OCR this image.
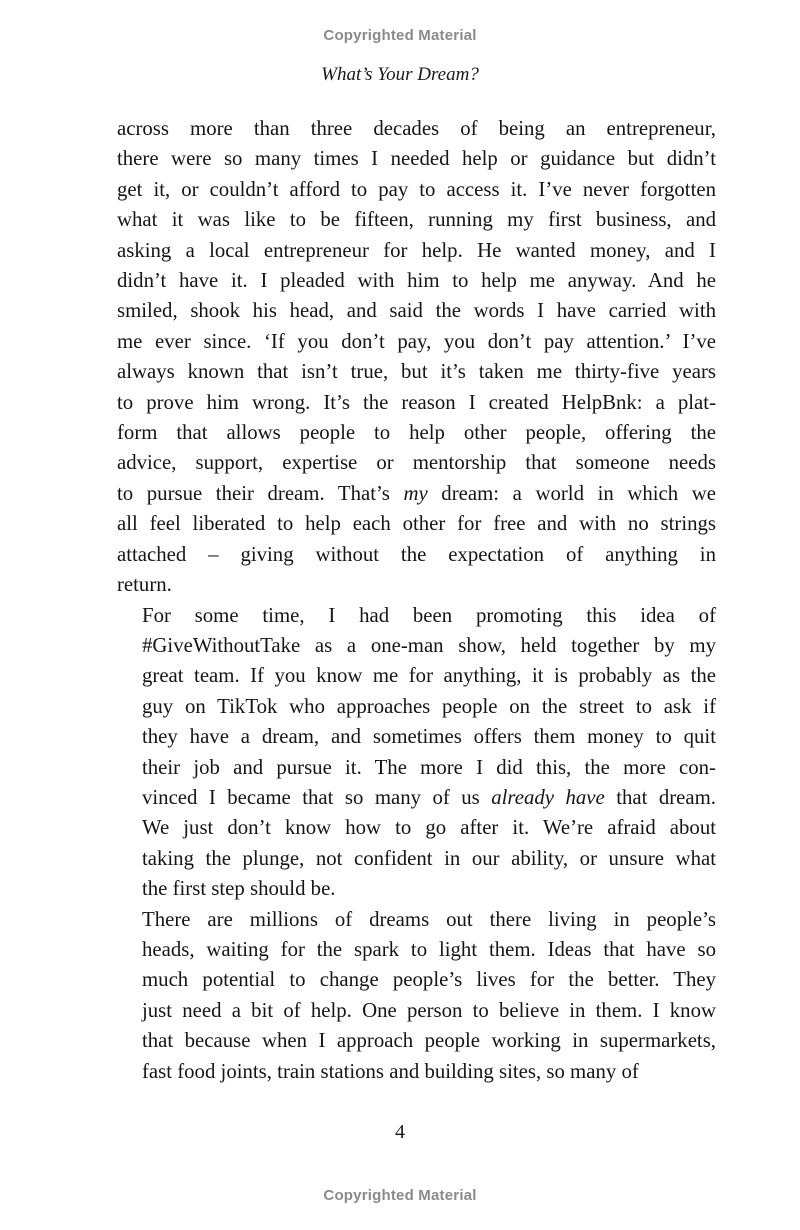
Copyrighted Material
What’s Your Dream?

across more than three decades of being an entrepreneur,
there were so many times I needed help or guidance but didn’t
get it, or couldn’t afford to pay to access it. I’ve never forgotten
what it was like to be fifteen, running my first business, and
asking a local entrepreneur for help. He wanted money, and I
didn’t have it. I pleaded with him to help me anyway. And he
smiled, shook his head, and said the words I have carried with
me ever since. ‘If you don’t pay, you don’t pay attention.’ I’ve
always known that isn’t true, but it’s taken me thirty-five years
to prove him wrong. It’s the reason I created HelpBnk: a plat-
form that allows people to help other people, offering the
advice, support, expertise or mentorship that someone needs
to pursue their dream. That’s my dream: a world in which we
all feel liberated to help each other for free and with no strings
attached – giving without the expectation of anything in
return.

For some time, I had been promoting this idea of
#GiveWithoutTake as a one-man show, held together by my
great team. If you know me for anything, it is probably as the
guy on TikTok who approaches people on the street to ask if
they have a dream, and sometimes offers them money to quit
their job and pursue it. The more I did this, the more con-
vinced I became that so many of us already have that dream.
We just don’t know how to go after it. We’re afraid about
taking the plunge, not confident in our ability, or unsure what
the first step should be.

There are millions of dreams out there living in people’s
heads, waiting for the spark to light them. Ideas that have so
much potential to change people’s lives for the better. They
just need a bit of help. One person to believe in them. I know
that because when I approach people working in supermarkets,
fast food joints, train stations and building sites, so many of

4
Copyrighted Material
